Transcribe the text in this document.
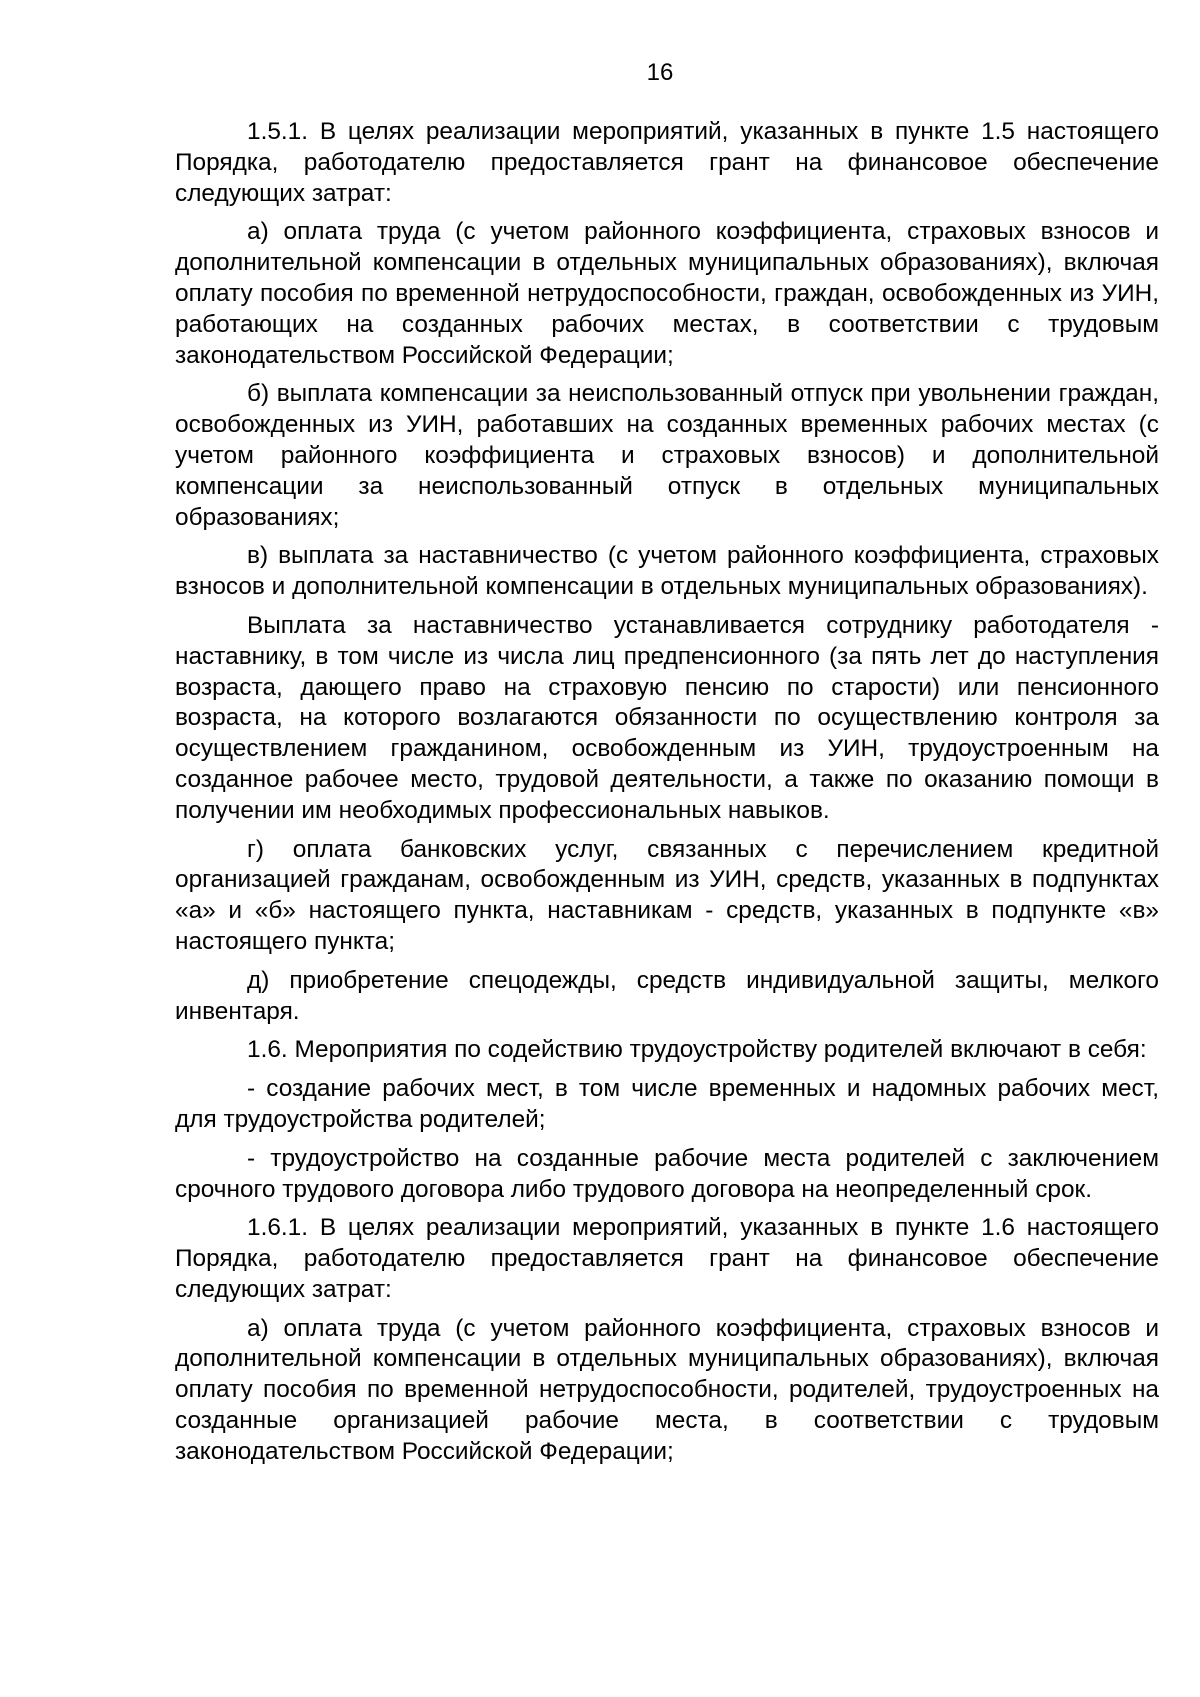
16

1.5.1. В целях реализации мероприятий, указанных в пункте 1.5 настоящего Порядка, работодателю предоставляется грант на финансовое обеспечение следующих затрат:

а) оплата труда (с учетом районного коэффициента, страховых взносов и дополнительной компенсации в отдельных муниципальных образованиях), включая оплату пособия по временной нетрудоспособности, граждан, освобожденных из УИН, работающих на созданных рабочих местах, в соответствии с трудовым законодательством Российской Федерации;

б) выплата компенсации за неиспользованный отпуск при увольнении граждан, освобожденных из УИН, работавших на созданных временных рабочих местах (с учетом районного коэффициента и страховых взносов) и дополнительной компенсации за неиспользованный отпуск в отдельных муниципальных образованиях;

в) выплата за наставничество (с учетом районного коэффициента, страховых взносов и дополнительной компенсации в отдельных муниципальных образованиях).

Выплата за наставничество устанавливается сотруднику работодателя - наставнику, в том числе из числа лиц предпенсионного (за пять лет до наступления возраста, дающего право на страховую пенсию по старости) или пенсионного возраста, на которого возлагаются обязанности по осуществлению контроля за осуществлением гражданином, освобожденным из УИН, трудоустроенным на созданное рабочее место, трудовой деятельности, а также по оказанию помощи в получении им необходимых профессиональных навыков.

г) оплата банковских услуг, связанных с перечислением кредитной организацией гражданам, освобожденным из УИН, средств, указанных в подпунктах «а» и «б» настоящего пункта, наставникам - средств, указанных в подпункте «в» настоящего пункта;

д) приобретение спецодежды, средств индивидуальной защиты, мелкого инвентаря.

1.6. Мероприятия по содействию трудоустройству родителей включают в себя:

- создание рабочих мест, в том числе временных и надомных рабочих мест, для трудоустройства родителей;

- трудоустройство на созданные рабочие места родителей с заключением срочного трудового договора либо трудового договора на неопределенный срок.

1.6.1. В целях реализации мероприятий, указанных в пункте 1.6 настоящего Порядка, работодателю предоставляется грант на финансовое обеспечение следующих затрат:

а) оплата труда (с учетом районного коэффициента, страховых взносов и дополнительной компенсации в отдельных муниципальных образованиях), включая оплату пособия по временной нетрудоспособности, родителей, трудоустроенных на созданные организацией рабочие места, в соответствии с трудовым законодательством Российской Федерации;
